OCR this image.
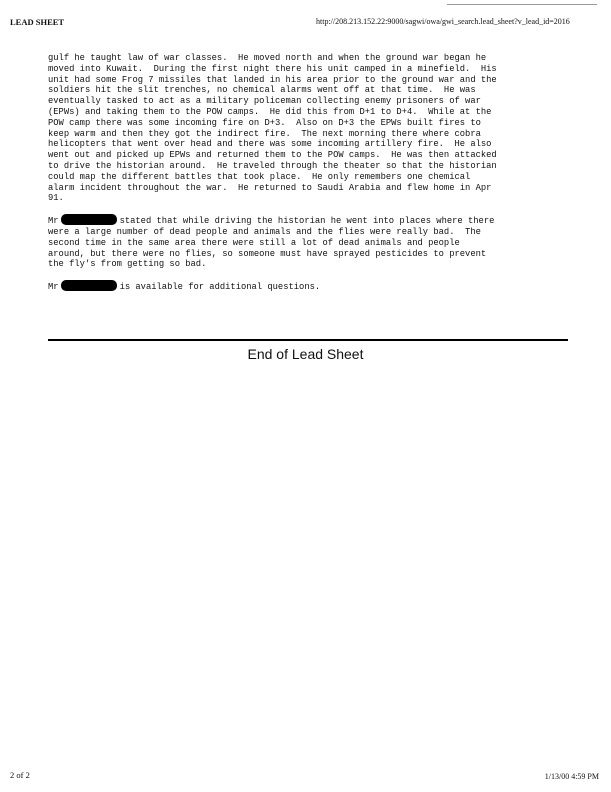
LEAD SHEET	http://208.213.152.22:9000/sagwi/owa/gwi_search.lead_sheet?v_lead_id=2016

gulf he taught law of war classes.  He moved north and when the ground war began he
moved into Kuwait.  During the first night there his unit camped in a minefield.  His
unit had some Frog 7 missiles that landed in his area prior to the ground war and the
soldiers hit the slit trenches, no chemical alarms went off at that time.  He was
eventually tasked to act as a military policeman collecting enemy prisoners of war
(EPWs) and taking them to the POW camps.  He did this from D+1 to D+4.  While at the
POW camp there was some incoming fire on D+3.  Also on D+3 the EPWs built fires to
keep warm and then they got the indirect fire.  The next morning there where cobra
helicopters that went over head and there was some incoming artillery fire.  He also
went out and picked up EPWs and returned them to the POW camps.  He was then attacked
to drive the historian around.  He traveled through the theater so that the historian
could map the different battles that took place.  He only remembers one chemical
alarm incident throughout the war.  He returned to Saudi Arabia and flew home in Apr
91.

Mr	stated that while driving the historian he went into places where there
were a large number of dead people and animals and the flies were really bad.  The
second time in the same area there were still a lot of dead animals and people
around, but there were no flies, so someone must have sprayed pesticides to prevent
the fly's from getting so bad.

Mr	is available for additional questions.

End of Lead Sheet
2 of 2	1/13/00 4:59 PM
